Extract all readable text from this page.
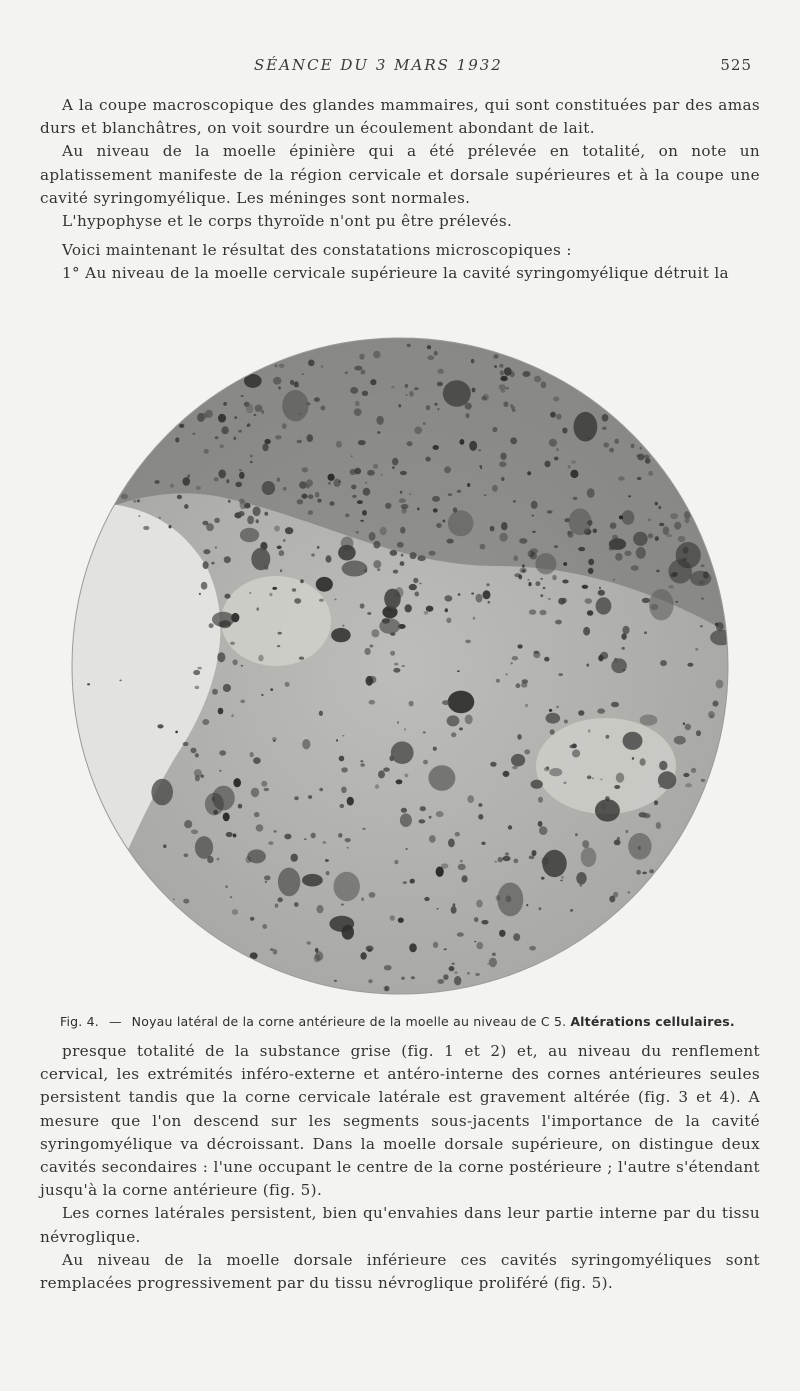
SÉANCE DU 3 MARS 1932	525

A la coupe macroscopique des glandes mammaires, qui sont constituées par des amas durs et blanchâtres, on voit sourdre un écoulement abondant de lait.

Au niveau de la moelle épinière qui a été prélevée en totalité, on note un aplatissement manifeste de la région cervicale et dorsale supérieures et à la coupe une cavité syringomyélique. Les méninges sont normales.

L'hypophyse et le corps thyroïde n'ont pu être prélevés.

Voici maintenant le résultat des constatations microscopiques :

1° Au niveau de la moelle cervicale supérieure la cavité syringomyélique détruit la

Fig. 4. — Noyau latéral de la corne antérieure de la moelle au niveau de C 5. Altérations cellulaires.

presque totalité de la substance grise (fig. 1 et 2) et, au niveau du renflement cervical, les extrémités inféro-externe et antéro-interne des cornes antérieures seules persistent tandis que la corne cervicale latérale est gravement altérée (fig. 3 et 4). A mesure que l'on descend sur les segments sous-jacents l'importance de la cavité syringomyélique va décroissant. Dans la moelle dorsale supérieure, on distingue deux cavités secondaires : l'une occupant le centre de la corne postérieure ; l'autre s'étendant jusqu'à la corne antérieure (fig. 5).

Les cornes latérales persistent, bien qu'envahies dans leur partie interne par du tissu névroglique.

Au niveau de la moelle dorsale inférieure ces cavités syringomyéliques sont remplacées progressivement par du tissu névroglique proliféré (fig. 5).
